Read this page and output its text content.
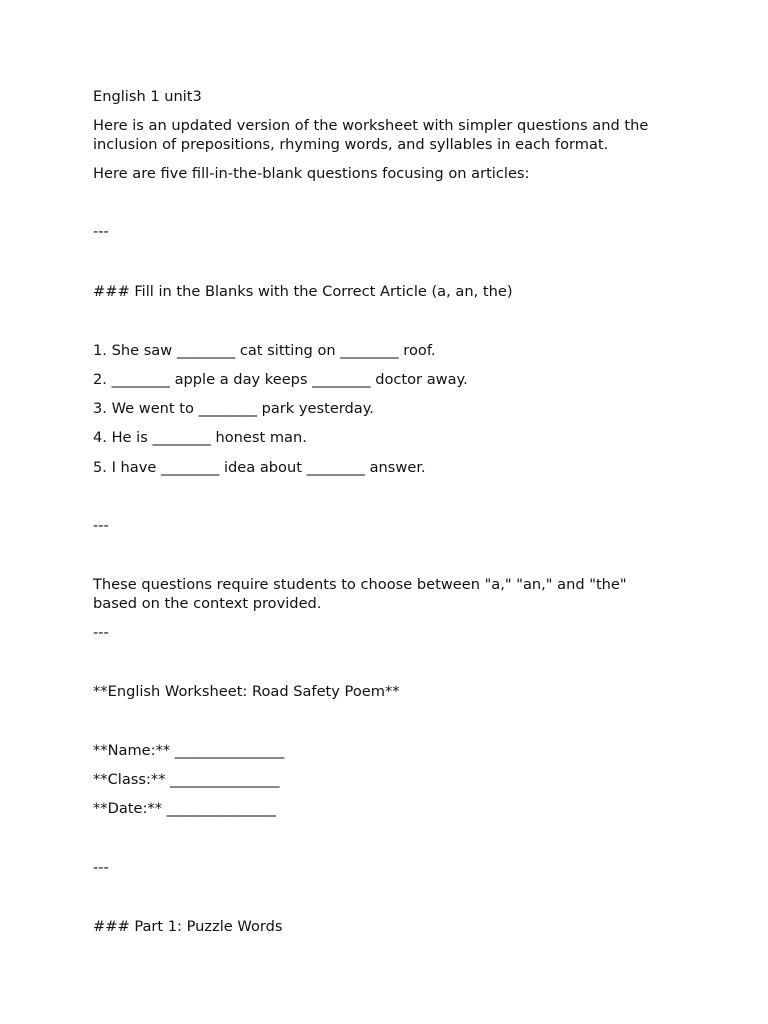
English 1 unit3
Here is an updated version of the worksheet with simpler questions and the inclusion of prepositions, rhyming words, and syllables in each format.
Here are five fill-in-the-blank questions focusing on articles:
---
### Fill in the Blanks with the Correct Article (a, an, the)
1. She saw ________ cat sitting on ________ roof.
2. ________ apple a day keeps ________ doctor away.
3. We went to ________ park yesterday.
4. He is ________ honest man.
5. I have ________ idea about ________ answer.
---
These questions require students to choose between "a," "an," and "the" based on the context provided.
---
**English Worksheet: Road Safety Poem**
**Name:** _______________
**Class:** _______________
**Date:** _______________
---
### Part 1: Puzzle Words
